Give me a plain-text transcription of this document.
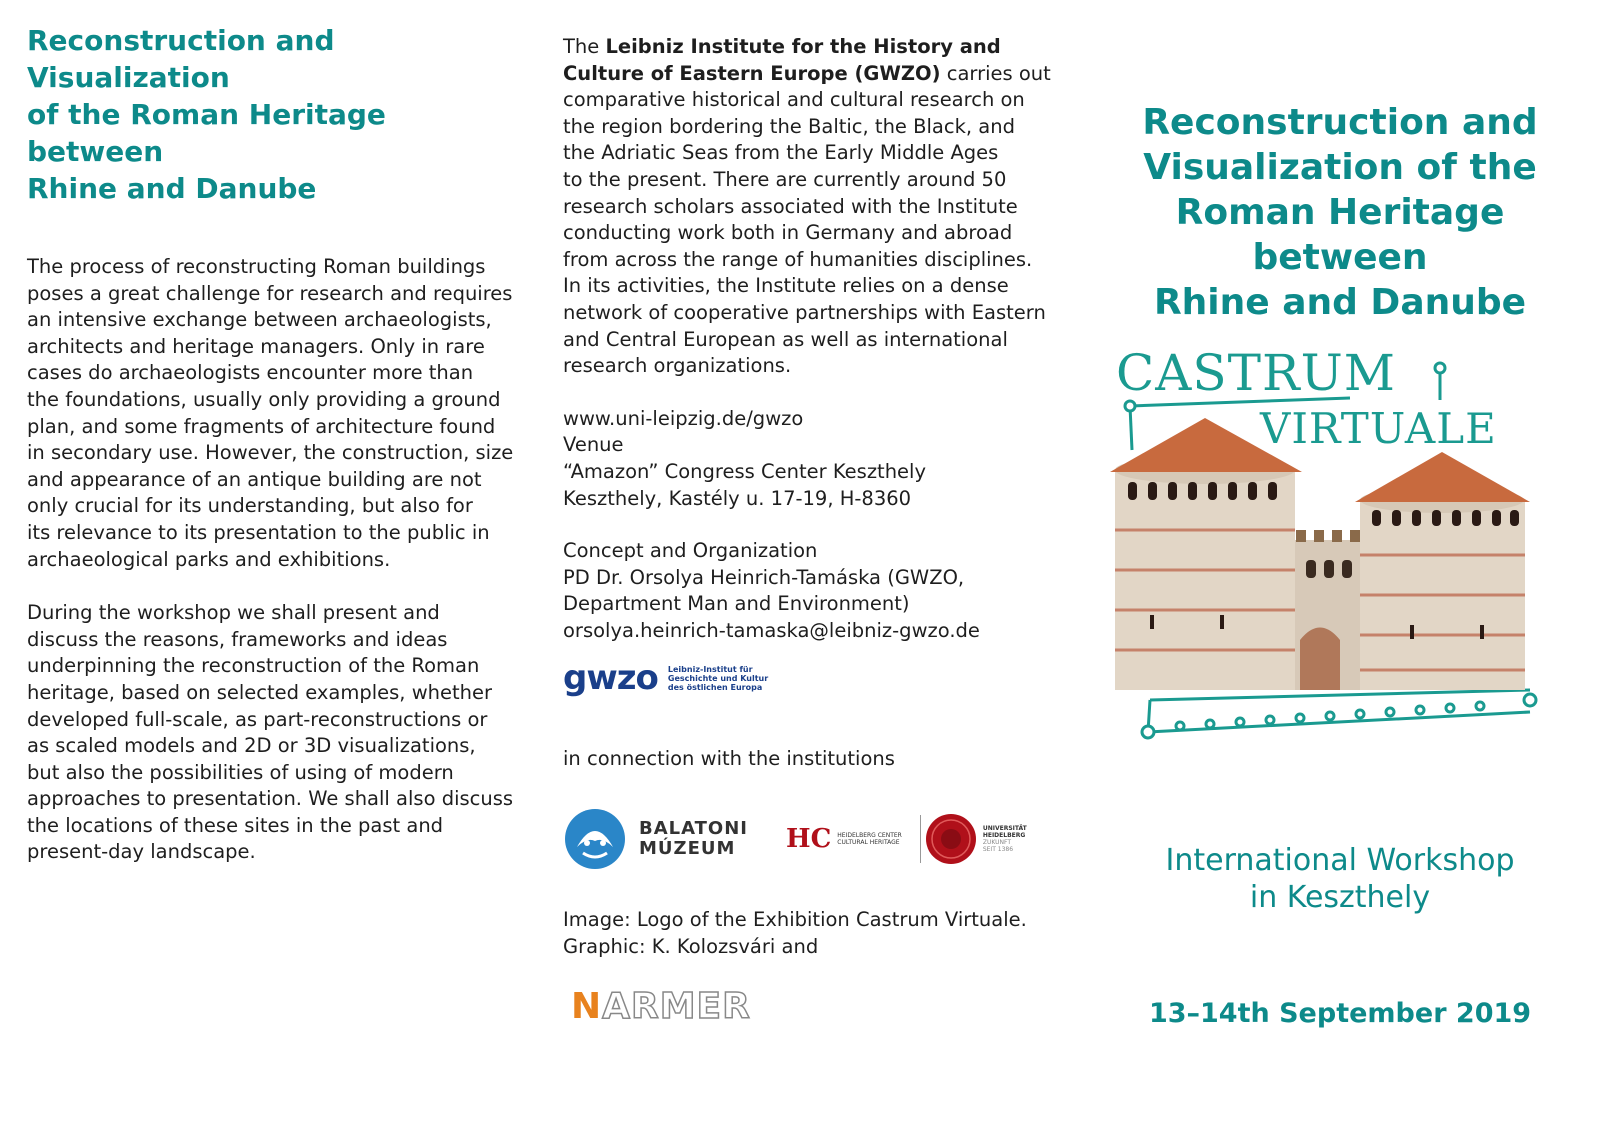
Reconstruction and Visualization
of the Roman Heritage between
Rhine and Danube
The process of reconstructing Roman buildings
poses a great challenge for research and requires
an intensive exchange between archaeologists,
architects and heritage managers. Only in rare
cases do archaeologists encounter more than
the foundations, usually only providing a ground
plan, and some fragments of architecture found
in secondary use. However, the construction, size
and appearance of an antique building are not
only crucial for its understanding, but also for
its relevance to its presentation to the public in
archaeological parks and exhibitions.
During the workshop we shall present and
discuss the reasons, frameworks and ideas
underpinning the reconstruction of the Roman
heritage, based on selected examples, whether
developed full-scale, as part-reconstructions or
as scaled models and 2D or 3D visualizations,
but also the possibilities of using of modern
approaches to presentation. We shall also discuss
the locations of these sites in the past and
present-day landscape.
The Leibniz Institute for the History and
Culture of Eastern Europe (GWZO) carries out
comparative historical and cultural research on
the region bordering the Baltic, the Black, and
the Adriatic Seas from the Early Middle Ages
to the present. There are currently around 50
research scholars associated with the Institute
conducting work both in Germany and abroad
from across the range of humanities disciplines.
In its activities, the Institute relies on a dense
network of cooperative partnerships with Eastern
and Central European as well as international
research organizations.
www.uni-leipzig.de/gwzo
Venue
“Amazon” Congress Center Keszthely
Keszthely, Kastély u. 17-19, H-8360
Concept and Organization
PD Dr. Orsolya Heinrich-Tamáska (GWZO,
Department Man and Environment)
orsolya.heinrich-tamaska@leibniz-gwzo.de
gwzo Leibniz-Institut für
Geschichte und Kultur
des östlichen Europa
in connection with the institutions
BALATONI
MÚZEUM	HC HEIDELBERG CENTER
CULTURAL HERITAGE
UNIVERSITÄT
HEIDELBERG
ZUKUNFT
SEIT 1386
Image: Logo of the Exhibition Castrum Virtuale.
Graphic: K. Kolozsvári and
NARMER
Reconstruction and
Visualization of the
Roman Heritage between
Rhine and Danube
CASTRUM
VIRTUALE
International Workshop
in Keszthely
13–14th September 2019
